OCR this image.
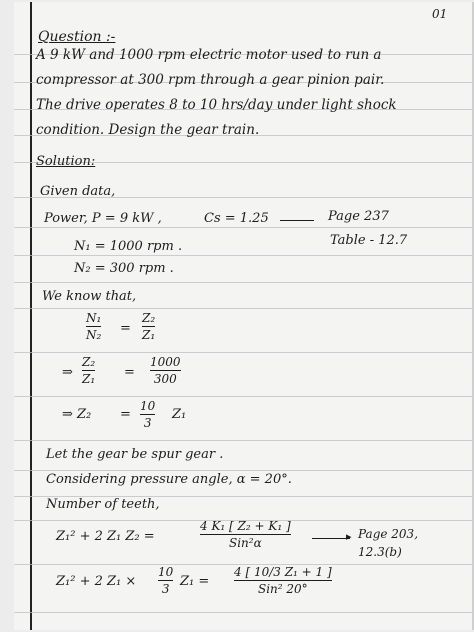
01
Question :-
A 9 kW and 1000 rpm electric motor used to run a
compressor at 300 rpm through a gear pinion pair.
The drive operates 8 to 10 hrs/day under light shock
condition. Design the gear train.
Solution:
Given data,
Power, P = 9 kW ,	Cs = 1.25	Page 237
Table - 12.7
N₁ = 1000 rpm .
N₂ = 300 rpm .
We know that,
N₁
N₂ =
Z₂
Z₁
⇒
Z₂
Z₁ =
1000
300
⇒ Z₂ =
10
3
Z₁
Let the gear be spur gear .
Considering pressure angle, α = 20°.
Number of teeth,
Z₁² + 2 Z₁ Z₂ =
4 K₁ [ Z₂ + K₁ ]
Sin²α	▸ Page 203,
12.3(b)
Z₁² + 2 Z₁ ×
10
3 Z₁ =
4 [ 10/3 Z₁ + 1 ]
Sin² 20°
